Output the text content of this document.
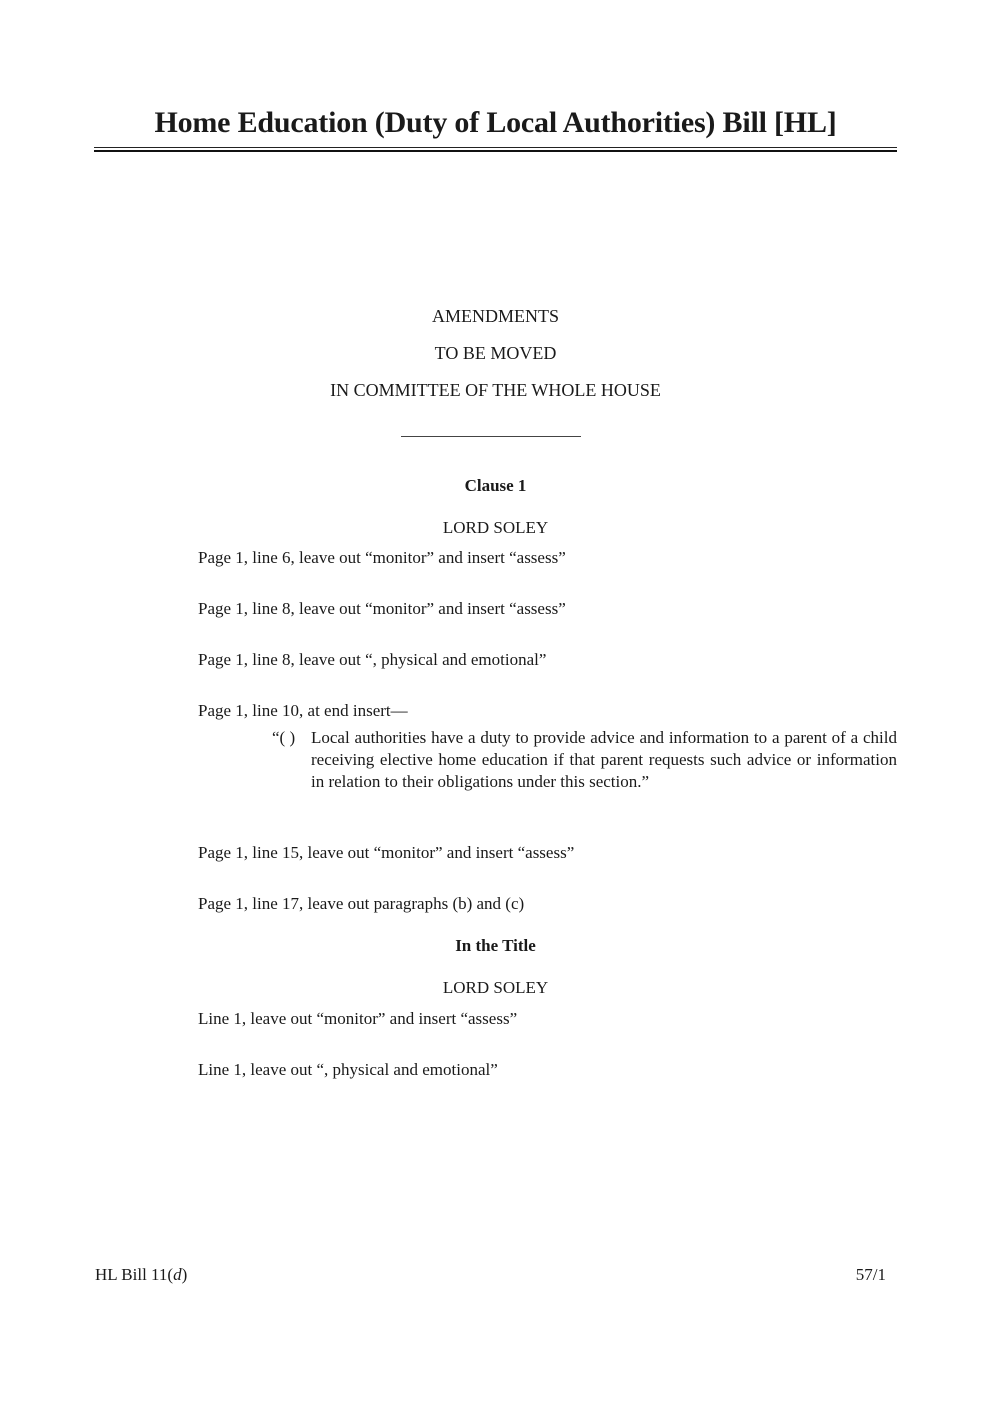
Home Education (Duty of Local Authorities) Bill [HL]
AMENDMENTS
TO BE MOVED
IN COMMITTEE OF THE WHOLE HOUSE
Clause 1
LORD SOLEY
Page 1, line 6, leave out “monitor” and insert “assess”
Page 1, line 8, leave out “monitor” and insert “assess”
Page 1, line 8, leave out “, physical and emotional”
Page 1, line 10, at end insert—
“( ) Local authorities have a duty to provide advice and information to a parent of a child receiving elective home education if that parent requests such advice or information in relation to their obligations under this section.”
Page 1, line 15, leave out “monitor” and insert “assess”
Page 1, line 17, leave out paragraphs (b) and (c)
In the Title
LORD SOLEY
Line 1, leave out “monitor” and insert “assess”
Line 1, leave out “, physical and emotional”
HL Bill 11(d)	57/1
